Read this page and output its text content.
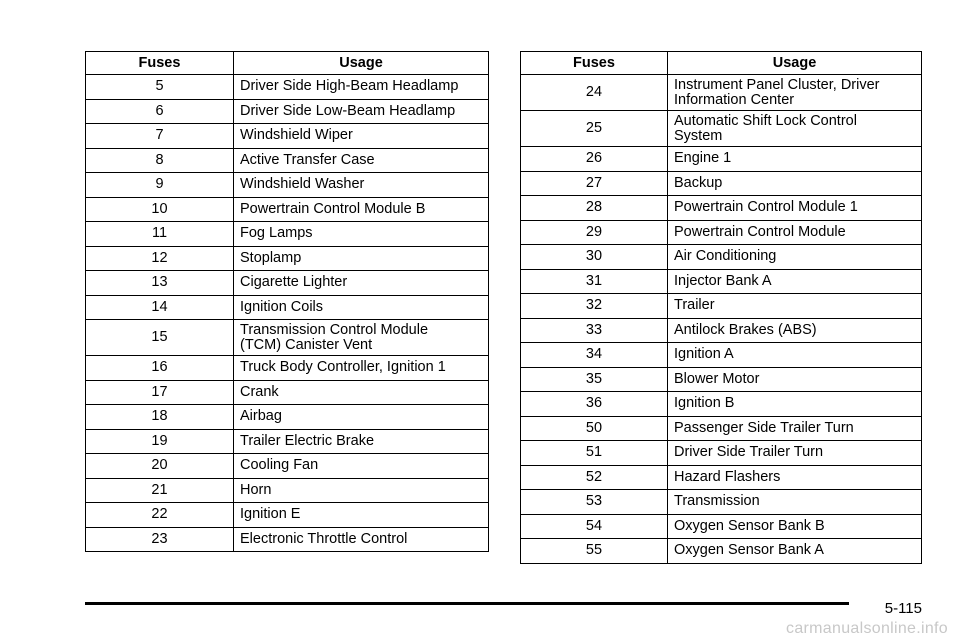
Fuses	Usage
5	Driver Side High-Beam Headlamp
6	Driver Side Low-Beam Headlamp
7	Windshield Wiper
8	Active Transfer Case
9	Windshield Washer
10	Powertrain Control Module B
11	Fog Lamps
12	Stoplamp
13	Cigarette Lighter
14	Ignition Coils
15	Transmission Control Module
(TCM) Canister Vent

16	Truck Body Controller, Ignition 1
17	Crank
18	Airbag
19	Trailer Electric Brake
20	Cooling Fan
21	Horn
22	Ignition E
23	Electronic Throttle Control
Fuses	Usage
24	Instrument Panel Cluster, Driver
Information Center

25	Automatic Shift Lock Control
System

26	Engine 1
27	Backup
28	Powertrain Control Module 1
29	Powertrain Control Module
30	Air Conditioning
31	Injector Bank A
32	Trailer
33	Antilock Brakes (ABS)
34	Ignition A
35	Blower Motor
36	Ignition B
50	Passenger Side Trailer Turn
51	Driver Side Trailer Turn
52	Hazard Flashers
53	Transmission
54	Oxygen Sensor Bank B
55	Oxygen Sensor Bank A
5-115
carmanualsonline.info
